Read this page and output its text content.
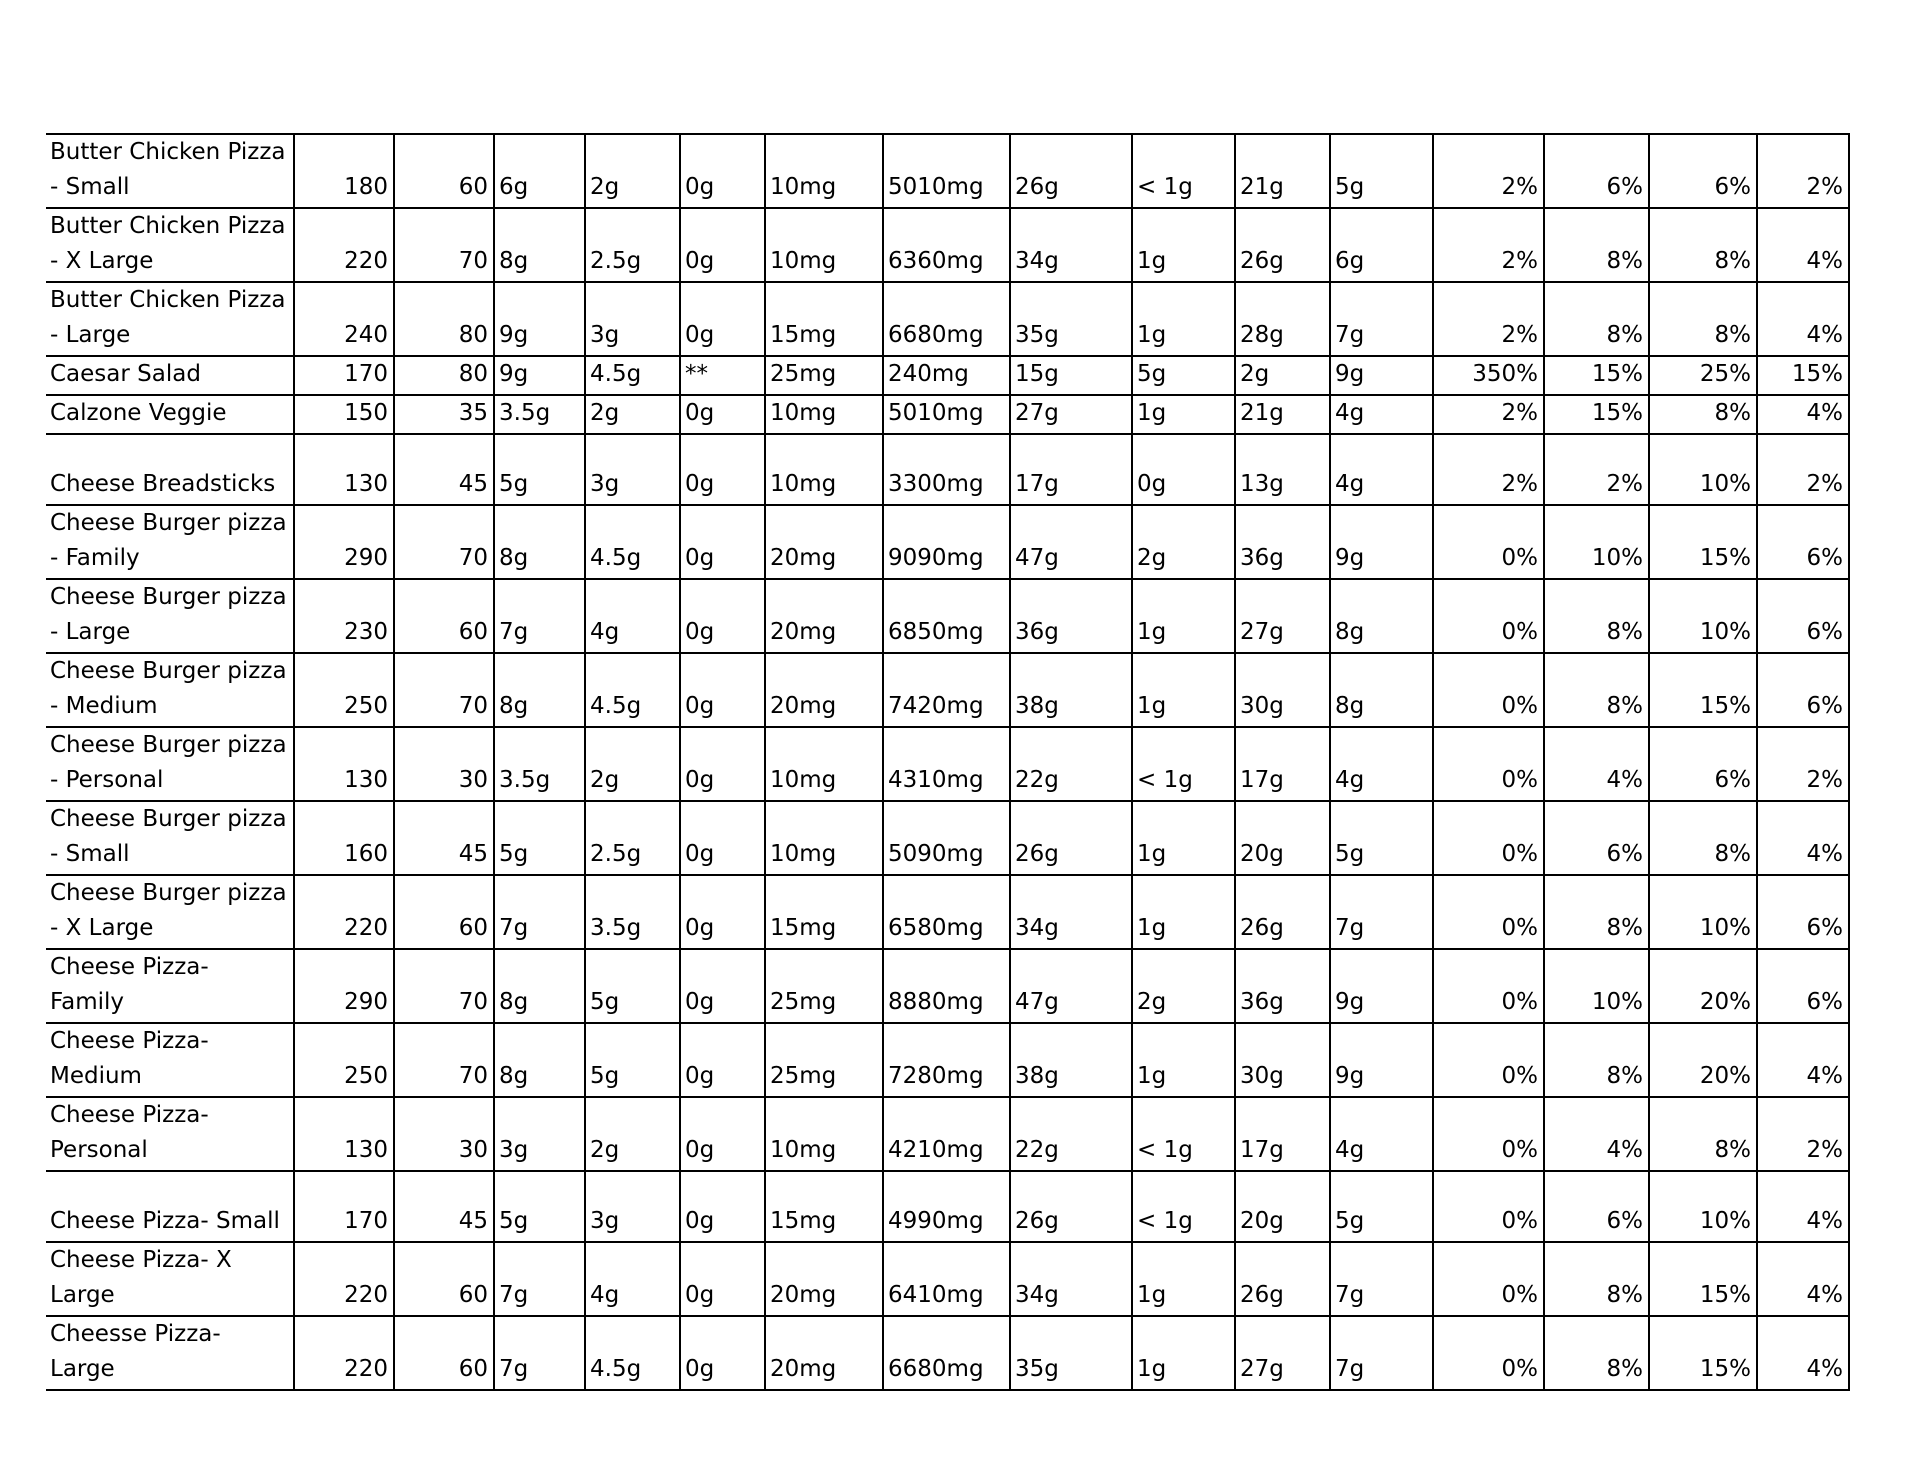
Butter Chicken Pizza - Small	180	60	6g	2g	0g	10mg	5010mg	26g	< 1g	21g	5g	2%	6%	6%	2%
Butter Chicken Pizza - X Large	220	70	8g	2.5g	0g	10mg	6360mg	34g	1g	26g	6g	2%	8%	8%	4%
Butter Chicken Pizza - Large	240	80	9g	3g	0g	15mg	6680mg	35g	1g	28g	7g	2%	8%	8%	4%
Caesar Salad	170	80	9g	4.5g	**	25mg	240mg	15g	5g	2g	9g	350%	15%	25%	15%
Calzone Veggie	150	35	3.5g	2g	0g	10mg	5010mg	27g	1g	21g	4g	2%	15%	8%	4%
Cheese Breadsticks	130	45	5g	3g	0g	10mg	3300mg	17g	0g	13g	4g	2%	2%	10%	2%
Cheese Burger pizza - Family	290	70	8g	4.5g	0g	20mg	9090mg	47g	2g	36g	9g	0%	10%	15%	6%
Cheese Burger pizza - Large	230	60	7g	4g	0g	20mg	6850mg	36g	1g	27g	8g	0%	8%	10%	6%
Cheese Burger pizza - Medium	250	70	8g	4.5g	0g	20mg	7420mg	38g	1g	30g	8g	0%	8%	15%	6%
Cheese Burger pizza - Personal	130	30	3.5g	2g	0g	10mg	4310mg	22g	< 1g	17g	4g	0%	4%	6%	2%
Cheese Burger pizza - Small	160	45	5g	2.5g	0g	10mg	5090mg	26g	1g	20g	5g	0%	6%	8%	4%
Cheese Burger pizza - X Large	220	60	7g	3.5g	0g	15mg	6580mg	34g	1g	26g	7g	0%	8%	10%	6%
Cheese Pizza- Family	290	70	8g	5g	0g	25mg	8880mg	47g	2g	36g	9g	0%	10%	20%	6%
Cheese Pizza- Medium	250	70	8g	5g	0g	25mg	7280mg	38g	1g	30g	9g	0%	8%	20%	4%
Cheese Pizza- Personal	130	30	3g	2g	0g	10mg	4210mg	22g	< 1g	17g	4g	0%	4%	8%	2%
Cheese Pizza- Small	170	45	5g	3g	0g	15mg	4990mg	26g	< 1g	20g	5g	0%	6%	10%	4%
Cheese Pizza- X Large	220	60	7g	4g	0g	20mg	6410mg	34g	1g	26g	7g	0%	8%	15%	4%
Cheesse Pizza- Large	220	60	7g	4.5g	0g	20mg	6680mg	35g	1g	27g	7g	0%	8%	15%	4%
